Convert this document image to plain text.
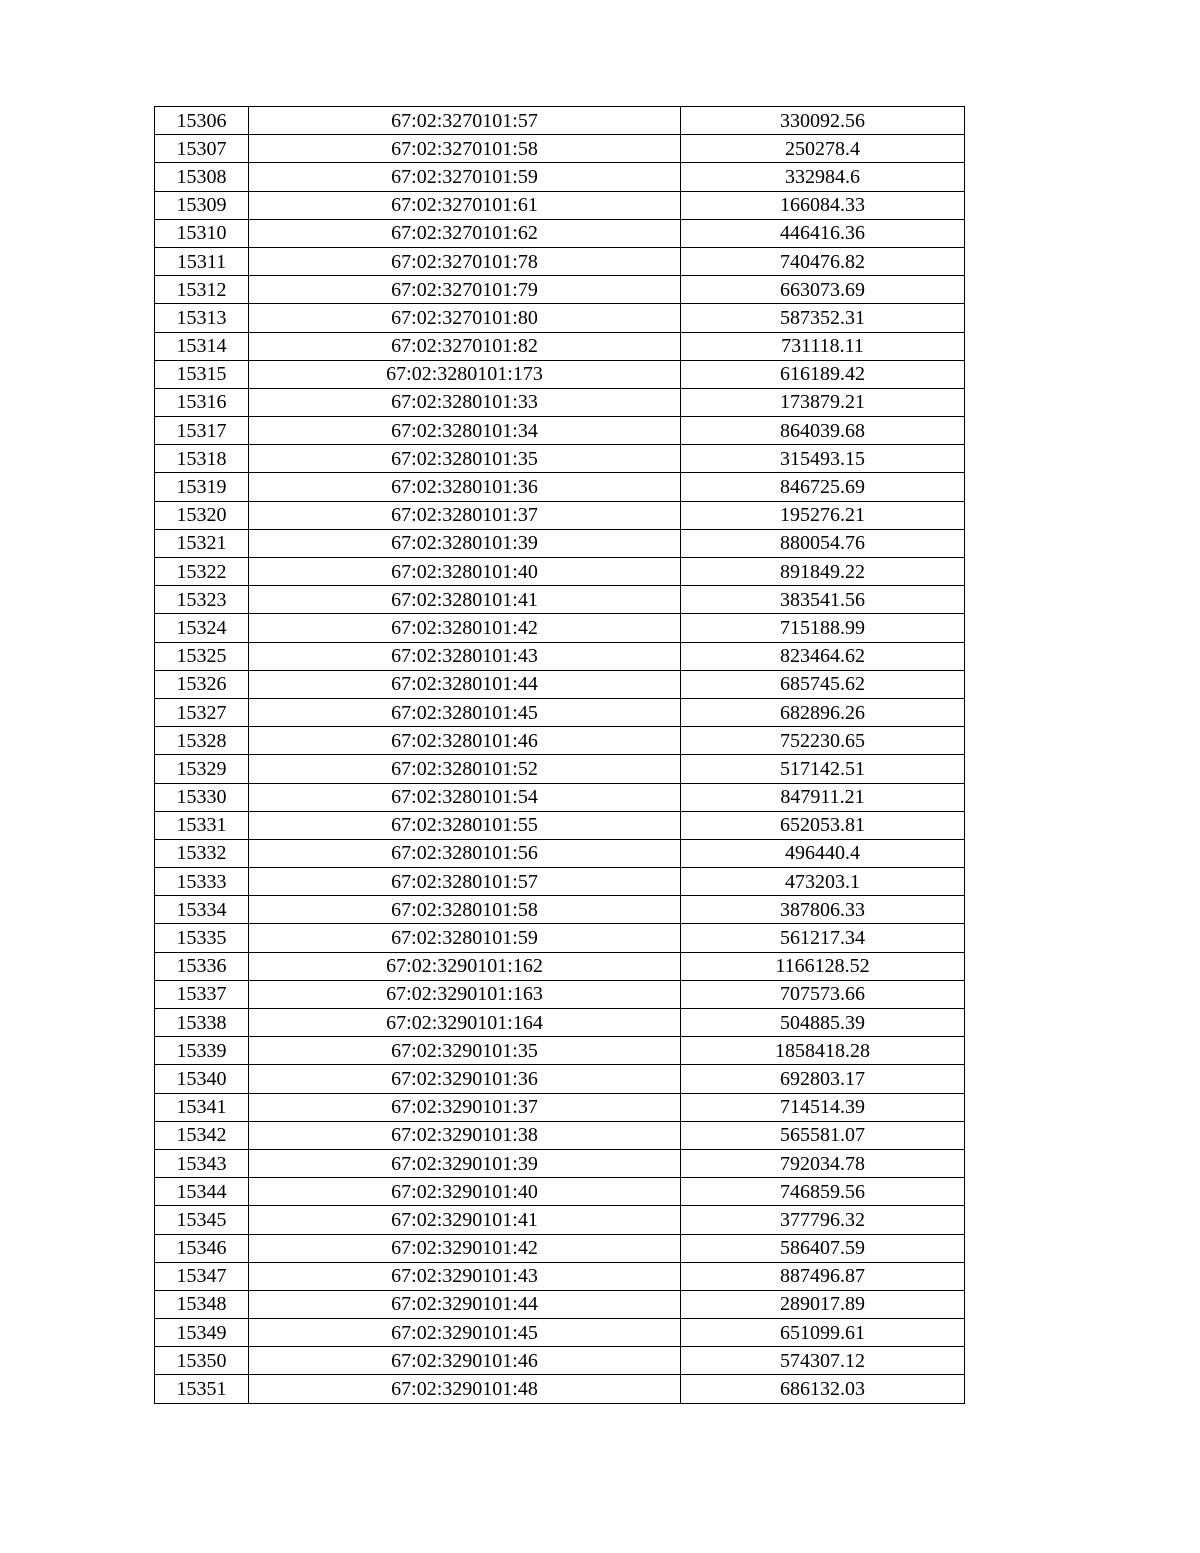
15306	67:02:3270101:57	330092.56
15307	67:02:3270101:58	250278.4
15308	67:02:3270101:59	332984.6
15309	67:02:3270101:61	166084.33
15310	67:02:3270101:62	446416.36
15311	67:02:3270101:78	740476.82
15312	67:02:3270101:79	663073.69
15313	67:02:3270101:80	587352.31
15314	67:02:3270101:82	731118.11
15315	67:02:3280101:173	616189.42
15316	67:02:3280101:33	173879.21
15317	67:02:3280101:34	864039.68
15318	67:02:3280101:35	315493.15
15319	67:02:3280101:36	846725.69
15320	67:02:3280101:37	195276.21
15321	67:02:3280101:39	880054.76
15322	67:02:3280101:40	891849.22
15323	67:02:3280101:41	383541.56
15324	67:02:3280101:42	715188.99
15325	67:02:3280101:43	823464.62
15326	67:02:3280101:44	685745.62
15327	67:02:3280101:45	682896.26
15328	67:02:3280101:46	752230.65
15329	67:02:3280101:52	517142.51
15330	67:02:3280101:54	847911.21
15331	67:02:3280101:55	652053.81
15332	67:02:3280101:56	496440.4
15333	67:02:3280101:57	473203.1
15334	67:02:3280101:58	387806.33
15335	67:02:3280101:59	561217.34
15336	67:02:3290101:162	1166128.52
15337	67:02:3290101:163	707573.66
15338	67:02:3290101:164	504885.39
15339	67:02:3290101:35	1858418.28
15340	67:02:3290101:36	692803.17
15341	67:02:3290101:37	714514.39
15342	67:02:3290101:38	565581.07
15343	67:02:3290101:39	792034.78
15344	67:02:3290101:40	746859.56
15345	67:02:3290101:41	377796.32
15346	67:02:3290101:42	586407.59
15347	67:02:3290101:43	887496.87
15348	67:02:3290101:44	289017.89
15349	67:02:3290101:45	651099.61
15350	67:02:3290101:46	574307.12
15351	67:02:3290101:48	686132.03
